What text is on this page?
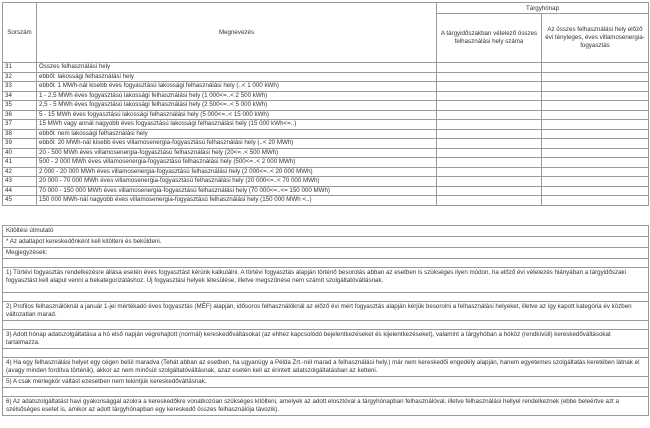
Sorszám	Megnevezés	Tárgyhónap	
		A tárgyidőszakban vételező összes felhasználási hely száma	Az összes felhasználási hely előző évi tényleges, éves villamosenergia-fogyasztás
31	Összes felhasználási hely		
32	ebből: lakossági felhasználási hely		
33	ebből: 1 MWh-nál kisebb éves fogyasztású lakossági felhasználási hely (..< 1 000 kWh)		
34	1 - 2,5 MWh éves fogyasztású lakossági felhasználási hely (1 000<=..< 2 500 kWh)		
35	2,5 - 5 MWh éves fogyasztású lakossági felhasználási hely (2 500<=..< 5 000 kWh)		
36	5 - 15 MWh éves fogyasztású lakossági felhasználási hely (5 000<=..< 15 000 kWh)		
37	15 MWh vagy annál nagyobb éves fogyasztású lakossági felhasználási hely (15 000 kWh<=..)		
38	ebből: nem lakossági felhasználási hely		
39	ebből: 20 MWh-nál kisebb éves villamosenergia-fogyasztású felhasználási hely (..< 20 MWh)		
40	20 - 500 MWh éves villamosenergia-fogyasztású felhasználási hely (20<=..< 500 MWh)		
41	500 - 2 000 MWh éves villamosenergia-fogyasztású felhasználási hely (500<=..< 2 000 MWh)		
42	2 000 - 20 000 MWh éves villamosenergia-fogyasztású felhasználási hely (2 000<=..< 20 000 MWh)		
43	20 000 - 70 000 MWh éves villamosenergia-fogyasztású felhasználási hely (20 000<=..< 70 000 MWh)		
44	70 000 - 150 000 MWh éves villamosenergia-fogyasztású felhasználási hely (70 000<=..<= 150 000 MWh)		
45	150 000 MWh-nál nagyobb éves villamosenergia-fogyasztású felhasználási hely (150 000 MWh <..)		
Kitöltési útmutató
* Az adatlapot kereskedőnként kell kitölteni és beküldeni.
Megjegyzések:

1) Törtévi fogyasztás rendelkezésre állása esetén éves fogyasztást kérünk kalkulálni. A törtévi fogyasztás alapján történő besorolás abban az esetben is szükséges ilyen módon, ha előző évi vételezés hiányában a tárgyidőszaki fogyasztást kell alapul venni a bekategorizáláshoz. Új fogyasztási helyek létesülése, illetve megszűnése nem számít szolgáltatóváltásnak.

2) Profilos felhasználóknál a január 1-jei mértékadó éves fogyasztás (MÉF) alapján, idősoros felhasználóknál az előző évi mért fogyasztás alapján kérjük besorolni a felhasználási helyeket, illetve az így kapott kategória év közben változatlan marad.

3) Adott hónap adatszolgáltatása a hó első napján végrehajtott (normál) kereskedőváltásokat (az ehhez kapcsolódó bejelentkezéseket és kijelentkezéseket), valamint a tárgyhóban a hóköz (rendkívüli) kereskedőváltásokat tartalmazza.

4) Ha egy felhasználási helyet egy cégen belül maradva (Tehát abban az esetben, ha ugyanúgy a Példa Zrt.-nél marad a felhasználási hely.) már nem kereskedői engedély alapján, hanem egyetemes szolgáltatás keretében látnak el (avagy minden fordítva történik), akkor az nem minősül szolgáltatóváltásnak, azaz esetén kell az érintett adatszolgáltatásban az ketteni.
5) A csak mérlegkör váltást ezesetben nem tekintjük kereskedőváltásnak.

6) Az adatszolgáltatást havi gyakorisággal azokra a kereskedőkre vonatkozóan szükséges kitölteni, amelyek az adott elosztóval a tárgyhónapban felhasználóval, illetve felhasználási hellyel rendelkeznek (ebbe beleértve azt a szélsőséges esetet is, amikor az adott tárgyhónapban egy kereskedő összes felhasználója távozik).
